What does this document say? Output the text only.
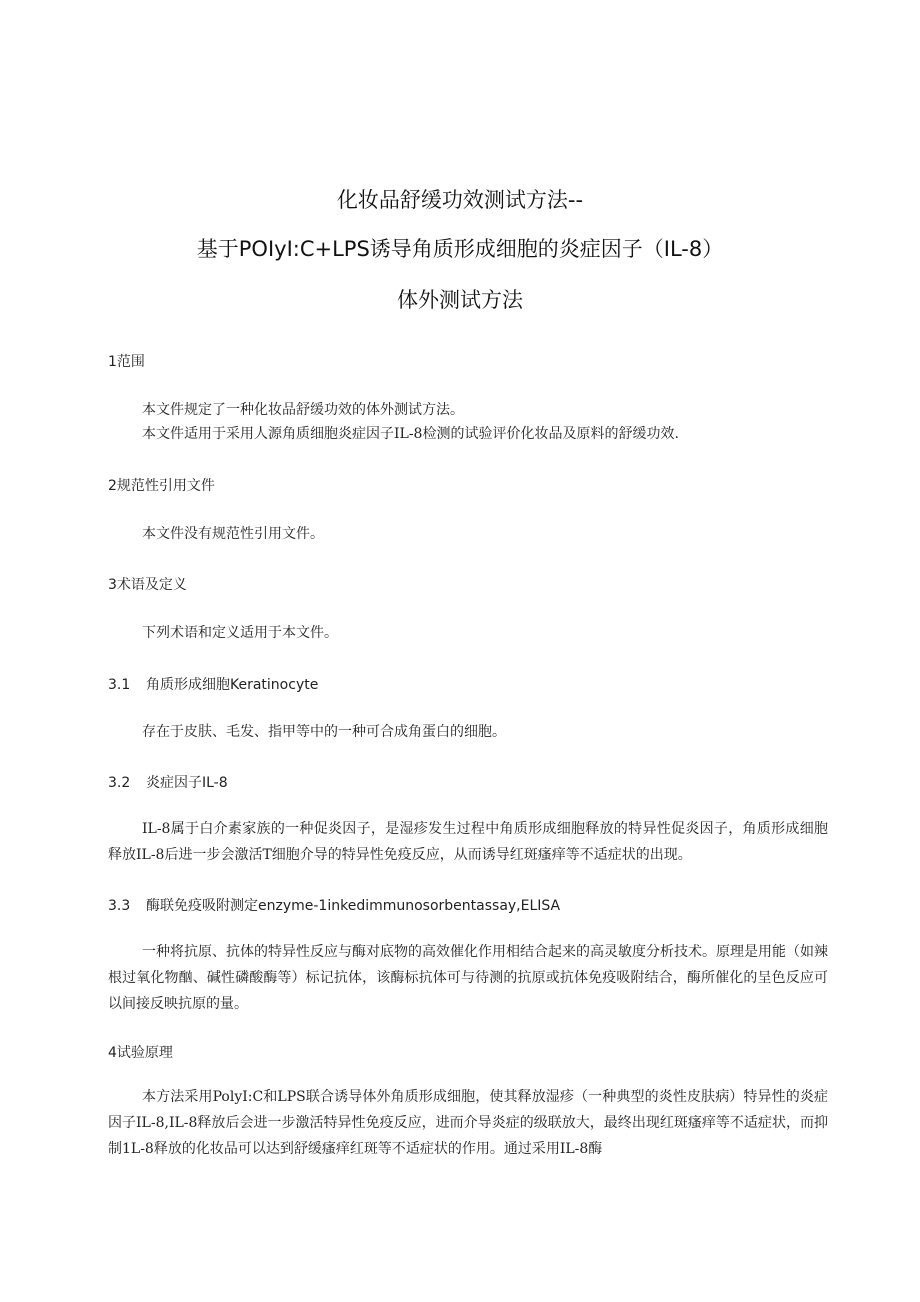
化妆品舒缓功效测试方法--
基于POIyI:C+LPS诱导角质形成细胞的炎症因子（IL-8）
体外测试方法
1范围
本文件规定了一种化妆品舒缓功效的体外测试方法。
本文件适用于采用人源角质细胞炎症因子IL-8检测的试验评价化妆品及原料的舒缓功效.
2规范性引用文件
本文件没有规范性引用文件。
3术语及定义
下列术语和定义适用于本文件。
3.1 角质形成细胞Keratinocyte
存在于皮肤、毛发、指甲等中的一种可合成角蛋白的细胞。
3.2 炎症因子IL-8
IL-8属于白介素家族的一种促炎因子，是湿疹发生过程中角质形成细胞释放的特异性促炎因子，角质形成细胞释放IL-8后进一步会激活T细胞介导的特异性免疫反应，从而诱导红斑瘙痒等不适症状的出现。
3.3 酶联免疫吸附测定enzyme-1inkedimmunosorbentassay,ELISA
一种将抗原、抗体的特异性反应与酶对底物的高效催化作用相结合起来的高灵敏度分析技术。原理是用能（如辣根过氧化物酗、碱性磷酸酶等）标记抗体，该酶标抗体可与待测的抗原或抗体免疫吸附结合，酶所催化的呈色反应可以间接反映抗原的量。
4试验原理
本方法采用PolyI:C和LPS联合诱导体外角质形成细胞，使其释放湿疹（一种典型的炎性皮肤病）特异性的炎症因子IL-8,IL-8释放后会进一步激活特异性免疫反应，进而介导炎症的级联放大，最终出现红斑瘙痒等不适症状，而抑制1L-8释放的化妆品可以达到舒缓瘙痒红斑等不适症状的作用。通过采用IL-8酶
